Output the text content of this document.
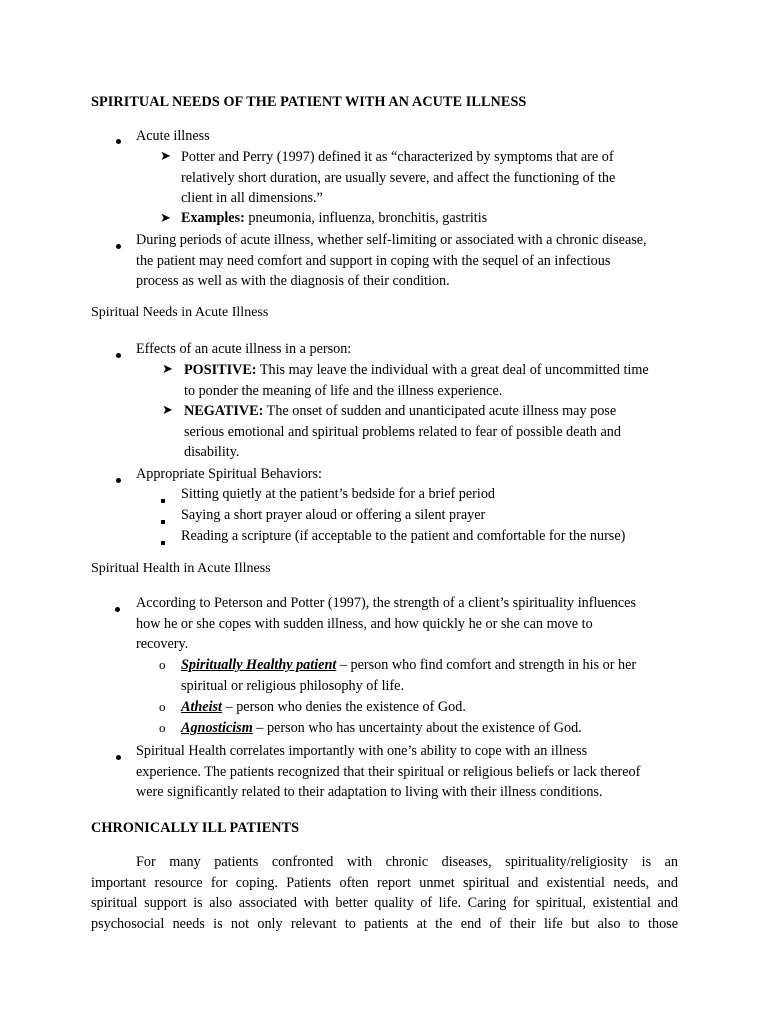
SPIRITUAL NEEDS OF THE PATIENT WITH AN ACUTE ILLNESS
Acute illness
➤ Potter and Perry (1997) defined it as “characterized by symptoms that are of
relatively short duration, are usually severe, and affect the functioning of the
client in all dimensions.”
➤ Examples: pneumonia, influenza, bronchitis, gastritis
During periods of acute illness, whether self-limiting or associated with a chronic disease,
the patient may need comfort and support in coping with the sequel of an infectious
process as well as with the diagnosis of their condition.
Spiritual Needs in Acute Illness
Effects of an acute illness in a person:
➤ POSITIVE: This may leave the individual with a great deal of uncommitted time
to ponder the meaning of life and the illness experience.
➤ NEGATIVE: The onset of sudden and unanticipated acute illness may pose
serious emotional and spiritual problems related to fear of possible death and
disability.
Appropriate Spiritual Behaviors:
Sitting quietly at the patient’s bedside for a brief period
Saying a short prayer aloud or offering a silent prayer
Reading a scripture (if acceptable to the patient and comfortable for the nurse)
Spiritual Health in Acute Illness
According to Peterson and Potter (1997), the strength of a client’s spirituality influences
how he or she copes with sudden illness, and how quickly he or she can move to
recovery.
o Spiritually Healthy patient – person who find comfort and strength in his or her
spiritual or religious philosophy of life.
o Atheist – person who denies the existence of God.
o Agnosticism – person who has uncertainty about the existence of God.
Spiritual Health correlates importantly with one’s ability to cope with an illness
experience. The patients recognized that their spiritual or religious beliefs or lack thereof
were significantly related to their adaptation to living with their illness conditions.
CHRONICALLY ILL PATIENTS
For many patients confronted with chronic diseases, spirituality/religiosity is an
important resource for coping. Patients often report unmet spiritual and existential needs, and
spiritual support is also associated with better quality of life. Caring for spiritual, existential and
psychosocial needs is not only relevant to patients at the end of their life but also to those
